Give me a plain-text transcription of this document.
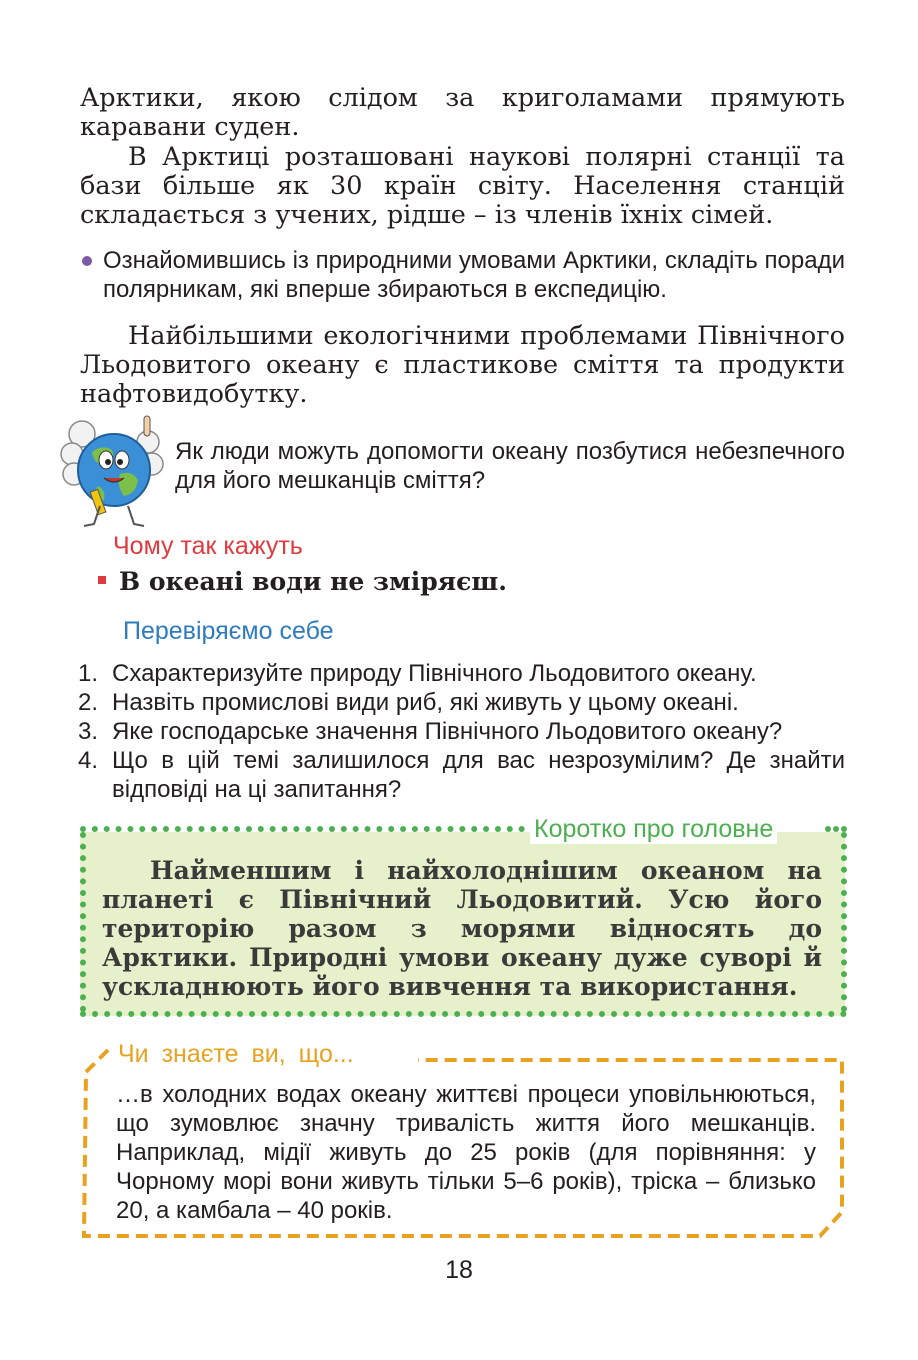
Арктики, якою слідом за криголамами прямують каравани суден.
В Арктиці розташовані наукові полярні станції та бази більше як 30 країн світу. Населення станцій складається з учених, рідше – із членів їхніх сімей.
Ознайомившись із природними умовами Арктики, складіть поради полярникам, які вперше збираються в експедицію.
Найбільшими екологічними проблемами Північного Льодовитого океану є пластикове сміття та продукти нафтовидобутку.
Як люди можуть допомогти океану позбутися небезпечного для його мешканців сміття?
Чому так кажуть
В океані води не зміряєш.
Перевіряємо себе
1. Схарактеризуйте природу Північного Льодовитого океану.
2. Назвіть промислові види риб, які живуть у цьому океані.
3. Яке господарське значення Північного Льодовитого океану?
4. Що в цій темі залишилося для вас незрозумілим? Де знайти відповіді на ці запитання?
Коротко про головне
Найменшим і найхолоднішим океаном на планеті є Північний Льодовитий. Усю його територію разом з морями відносять до Арктики. Природні умови океану дуже суворі й ускладнюють його вивчення та використання.
Чи знаєте ви, що...
…в холодних водах океану життєві процеси уповільнюються, що зумовлює значну тривалість життя його мешканців. Наприклад, мідії живуть до 25 років (для порівняння: у Чорному морі вони живуть тільки 5–6 років), тріска – близько 20, а камбала – 40 років.
18
